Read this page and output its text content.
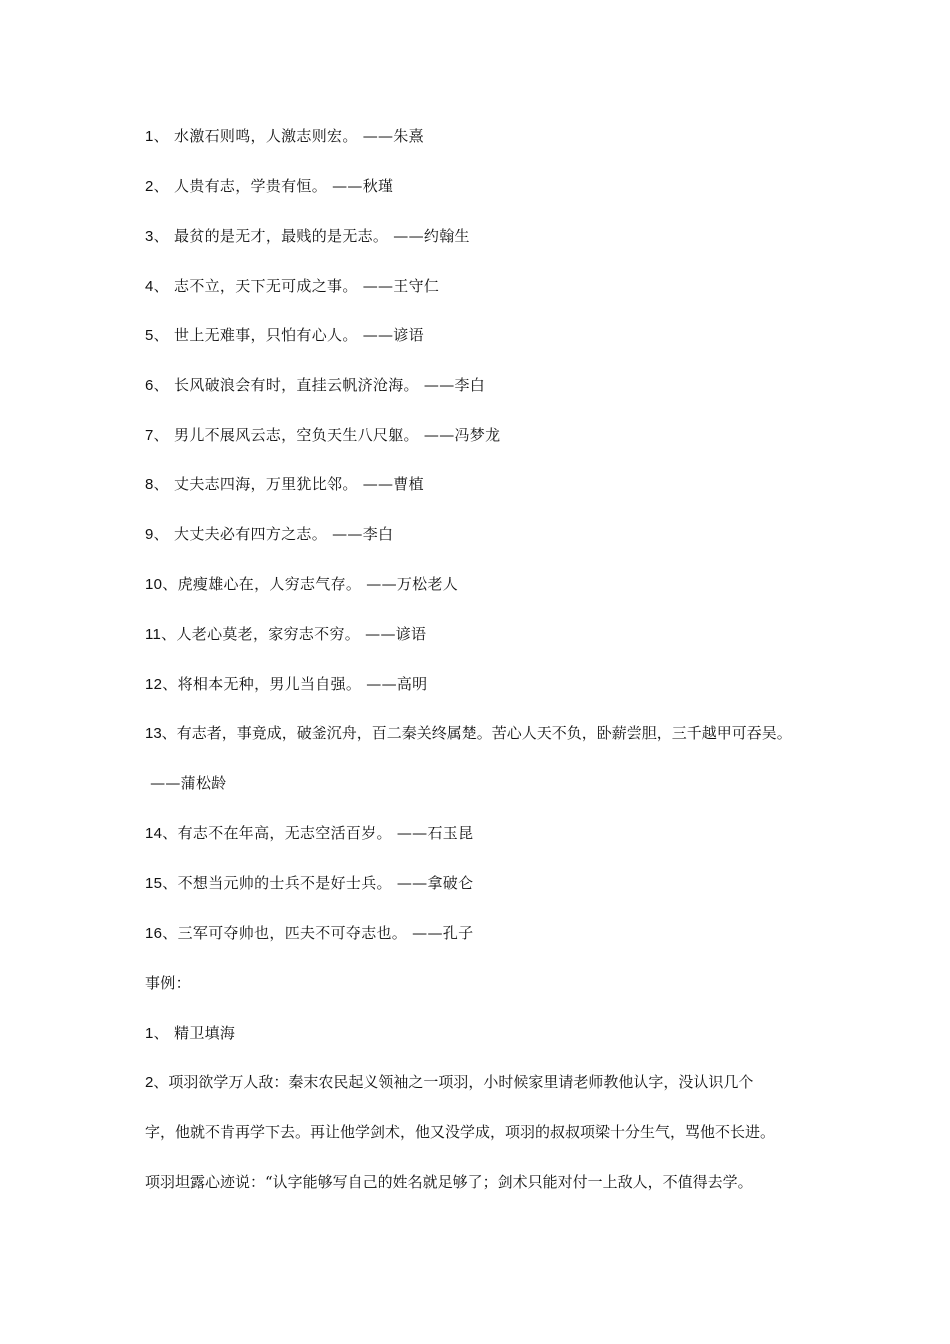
1、 水激石则鸣，人激志则宏。 ——朱熹
2、 人贵有志，学贵有恒。 ——秋瑾
3、 最贫的是无才，最贱的是无志。 ——约翰生
4、 志不立，天下无可成之事。 ——王守仁
5、 世上无难事，只怕有心人。 ——谚语
6、 长风破浪会有时，直挂云帆济沧海。 ——李白
7、 男儿不展风云志，空负天生八尺躯。 ——冯梦龙
8、 丈夫志四海，万里犹比邻。 ——曹植
9、 大丈夫必有四方之志。 ——李白
10、虎瘦雄心在，人穷志气存。 ——万松老人
11、人老心莫老，家穷志不穷。 ——谚语
12、将相本无种，男儿当自强。 ——高明
13、有志者，事竟成，破釜沉舟，百二秦关终属楚。苦心人天不负，卧薪尝胆，三千越甲可吞吴。
——蒲松龄
14、有志不在年高，无志空活百岁。 ——石玉昆
15、不想当元帅的士兵不是好士兵。 ——拿破仑
16、三军可夺帅也，匹夫不可夺志也。 ——孔子
事例：
1、 精卫填海
2、项羽欲学万人敌：秦末农民起义领袖之一项羽，小时候家里请老师教他认字，没认识几个
字，他就不肯再学下去。再让他学剑术，他又没学成，项羽的叔叔项梁十分生气，骂他不长进。
项羽坦露心迹说：“认字能够写自己的姓名就足够了；剑术只能对付一上敌人，不值得去学。
